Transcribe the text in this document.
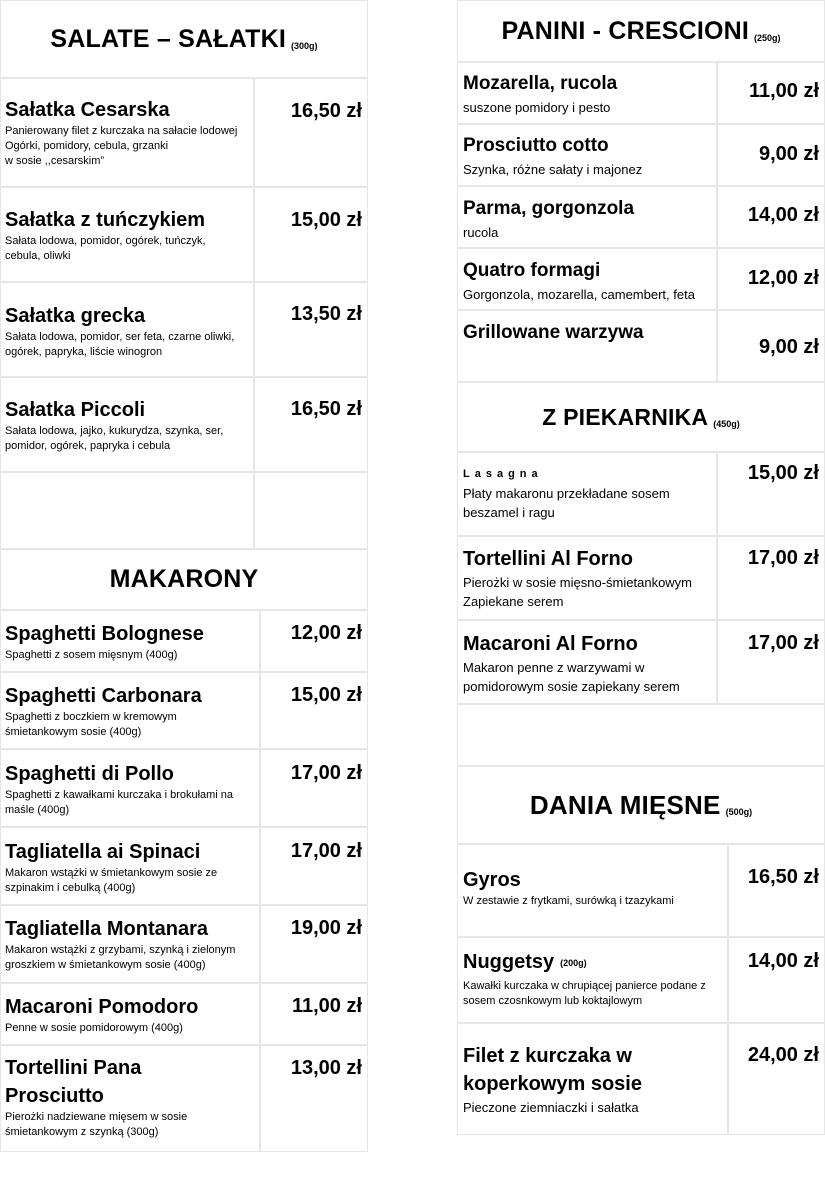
SALATE – SAŁATKI (300g)
Sałatka Cesarska
Panierowany filet z kurczaka na sałacie lodowej
Ogórki, pomidory, cebula, grzanki
w sosie ,,cesarskim”
16,50 zł
Sałatka z tuńczykiem
Sałata lodowa, pomidor, ogórek, tuńczyk,
cebula, oliwki
15,00 zł
Sałatka grecka
Sałata lodowa, pomidor, ser feta, czarne oliwki,
ogórek, papryka, liście winogron
13,50 zł
Sałatka Piccoli
Sałata lodowa, jajko, kukurydza, szynka, ser,
pomidor, ogórek, papryka i cebula
16,50 zł
MAKARONY
Spaghetti Bolognese
Spaghetti z sosem mięsnym (400g)
12,00 zł
Spaghetti Carbonara
Spaghetti z boczkiem w kremowym
śmietankowym sosie (400g)
15,00 zł
Spaghetti di Pollo
Spaghetti z kawałkami kurczaka i brokułami na
maśle (400g)
17,00 zł
Tagliatella ai Spinaci
Makaron wstążki w śmietankowym sosie ze
szpinakim i cebulką (400g)
17,00 zł
Tagliatella Montanara
Makaron wstążki z grzybami, szynką i zielonym
groszkiem w śmietankowym sosie (400g)
19,00 zł
Macaroni Pomodoro
Penne w sosie pomidorowym (400g)
11,00 zł
Tortellini Pana
Prosciutto
Pierożki nadziewane mięsem w sosie
śmietankowym z szynką (300g)
13,00 zł
PANINI - CRESCIONI (250g)
Mozarella, rucola
suszone pomidory i pesto
11,00 zł
Prosciutto cotto
Szynka, różne sałaty i majonez
9,00 zł
Parma, gorgonzola
rucola
14,00 zł
Quatro formagi
Gorgonzola, mozarella, camembert, feta
12,00 zł
Grillowane warzywa
9,00 zł
Z PIEKARNIKA (450g)
Lasagna
Płaty makaronu przekładane sosem
beszamel i ragu
15,00 zł
Tortellini Al Forno
Pierożki w sosie mięsno-śmietankowym
Zapiekane serem
17,00 zł
Macaroni Al Forno
Makaron penne z warzywami w
pomidorowym sosie zapiekany serem
17,00 zł
DANIA MIĘSNE (500g)
Gyros
W zestawie z frytkami, surówką i tzazykami
16,50 zł
Nuggetsy (200g)
Kawałki kurczaka w chrupiącej panierce podane z
sosem czosnkowym lub koktajlowym
14,00 zł
Filet z kurczaka w
koperkowym sosie
Pieczone ziemniaczki i sałatka
24,00 zł
